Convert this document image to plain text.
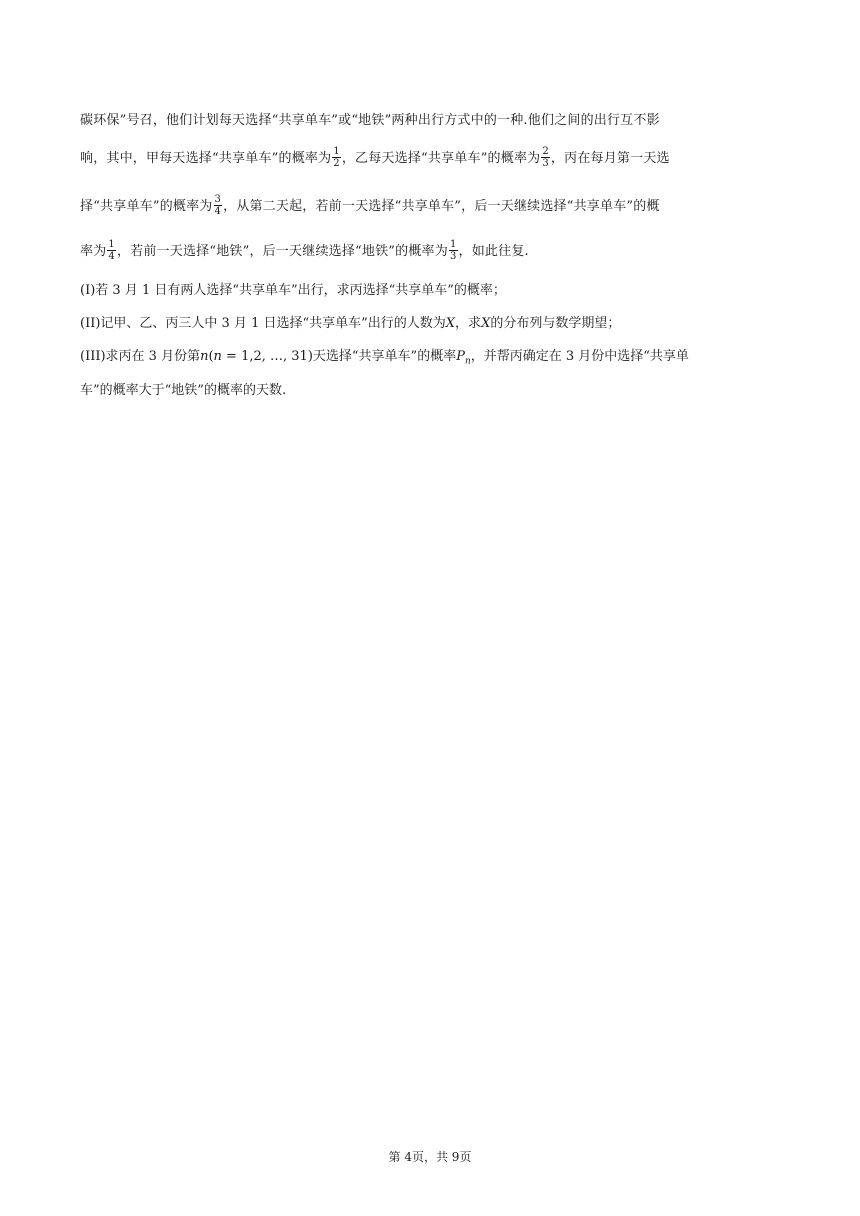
碳环保”号召，他们计划每天选择“共享单车”或“地铁”两种出行方式中的一种.他们之间的出行互不影
响，其中，甲每天选择“共享单车”的概率为 $\frac{1}{2}$ ，乙每天选择“共享单车”的概率为 $\frac{2}{3}$ ，丙在每月第一天选
择“共享单车”的概率为 $\frac{3}{4}$ ，从第二天起，若前一天选择“共享单车”，后一天继续选择“共享单车”的概
率为 $\frac{1}{4}$ ，若前一天选择“地铁”，后一天继续选择“地铁”的概率为 $\frac{1}{3}$ ，如此往复.
(I)若 3 月 1 日有两人选择“共享单车”出行，求丙选择“共享单车”的概率；
(II)记甲、乙、丙三人中 3 月 1 日选择“共享单车”出行的人数为X，求X的分布列与数学期望；
(III)求丙在 3 月份第n(n = 1,2, …, 31)天选择“共享单车”的概率$P_n$，并帮丙确定在 3 月份中选择“共享单
车”的概率大于“地铁”的概率的天数.
第 4页，共 9页
